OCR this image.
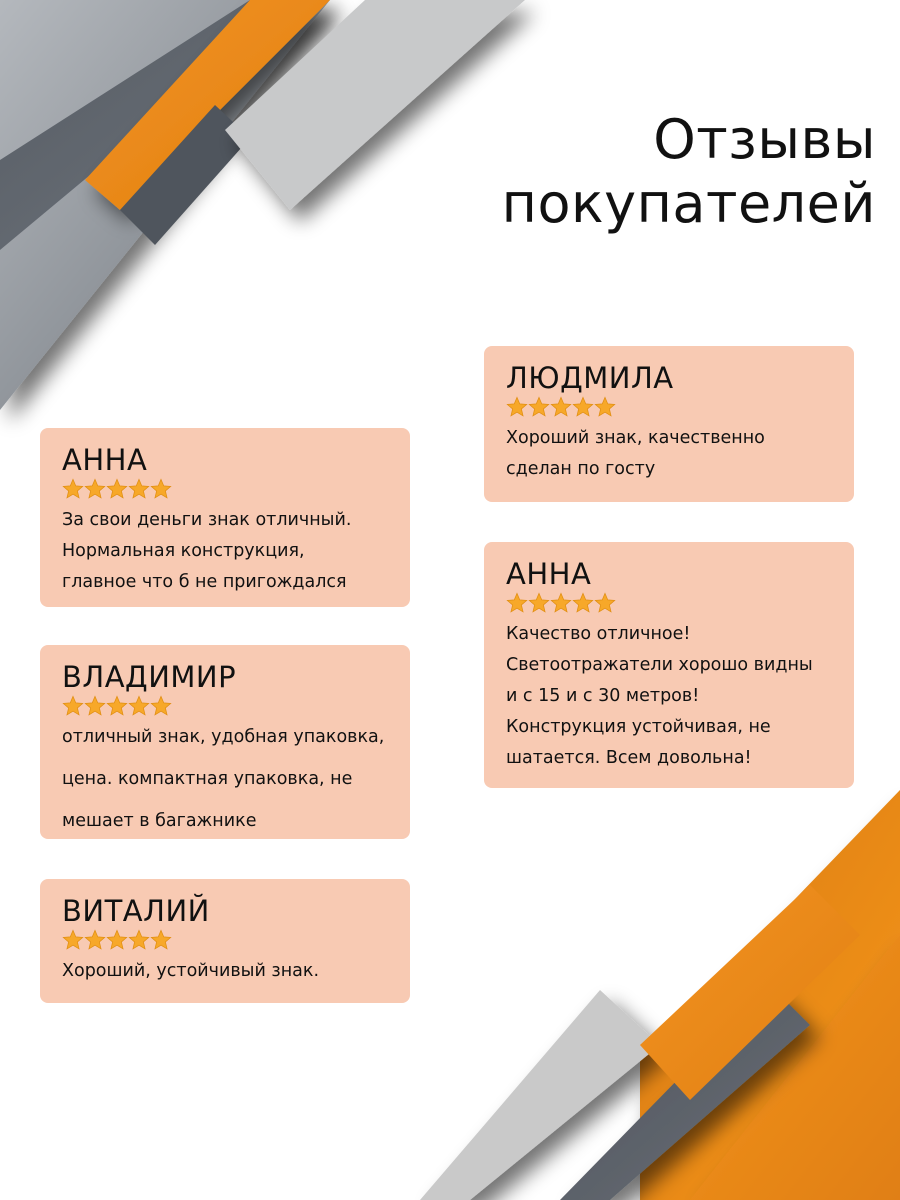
Отзывы
покупателей
АННА
За свои деньги знак отличный.
Нормальная конструкция,
главное что б не пригождался
ВЛАДИМИР
отличный знак, удобная упаковка,
цена. компактная упаковка, не
мешает в багажнике
ВИТАЛИЙ
Хороший, устойчивый знак.
ЛЮДМИЛА
Хороший знак, качественно
сделан по госту
АННА
Качество отличное!
Светоотражатели хорошо видны
и с 15 и с 30 метров!
Конструкция устойчивая, не
шатается. Всем довольна!
